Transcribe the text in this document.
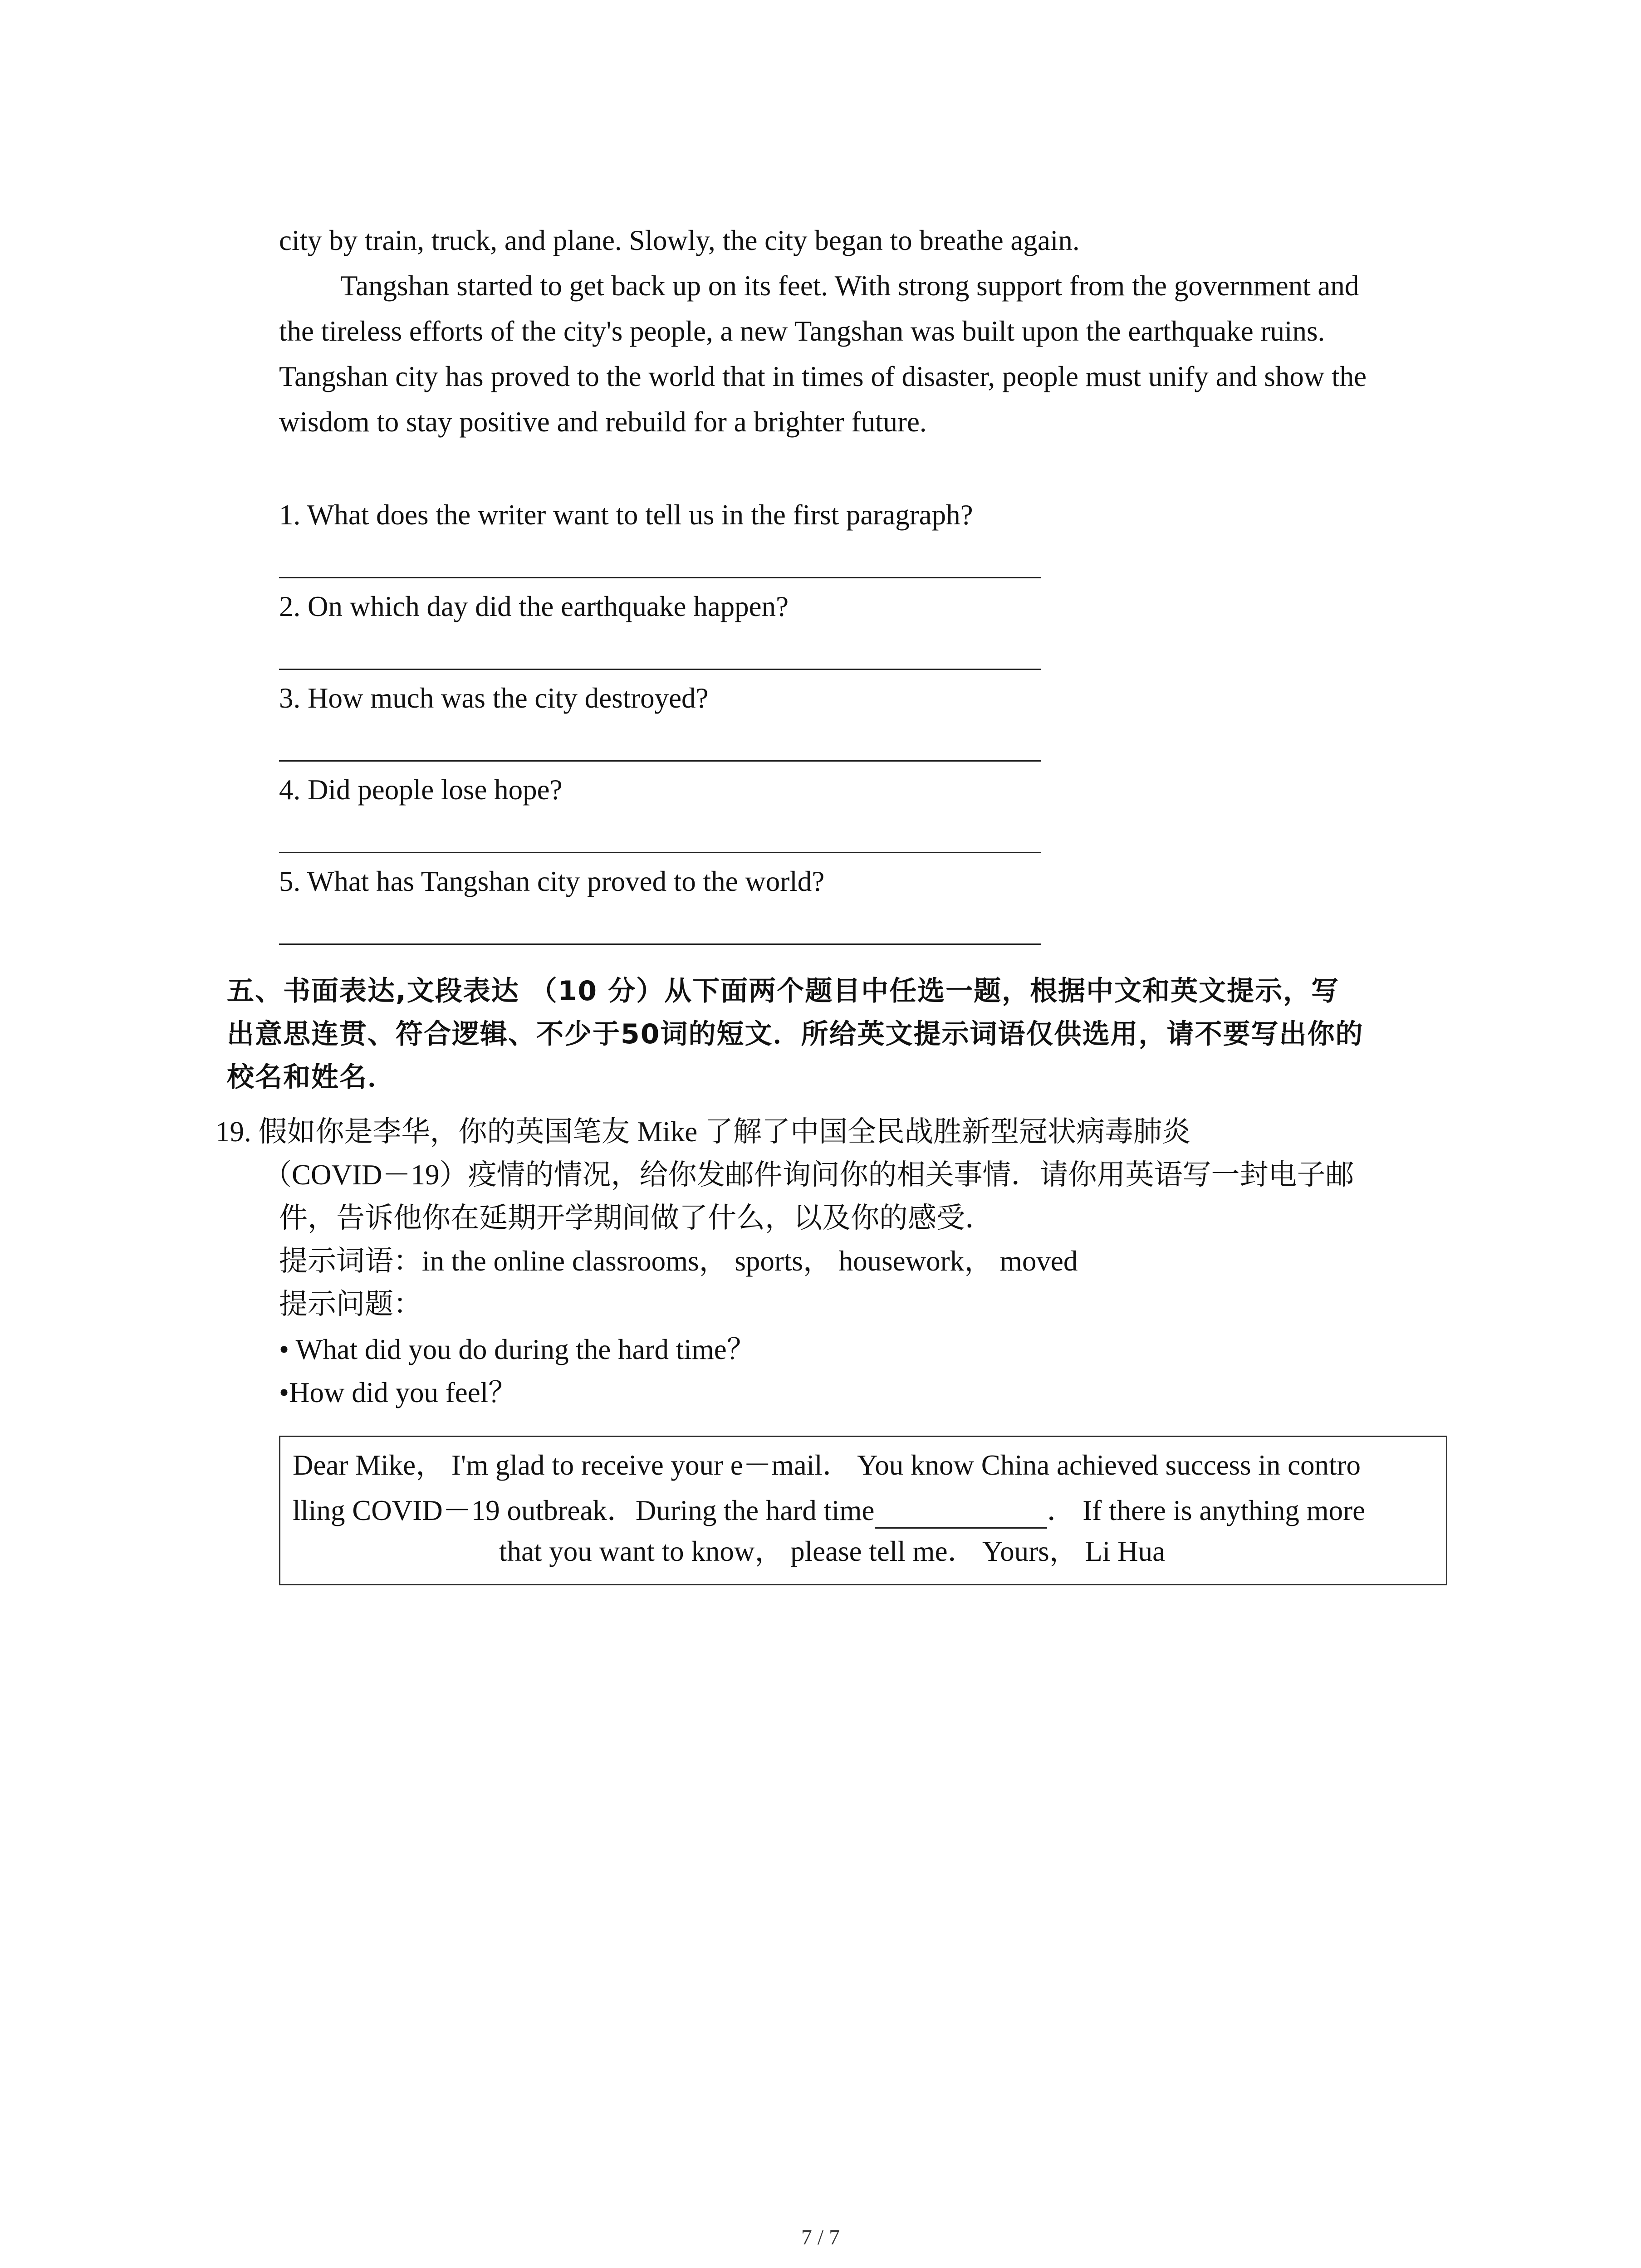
city by train, truck, and plane. Slowly, the city began to breathe again.
Tangshan started to get back up on its feet. With strong support from the government and
the tireless efforts of the city's people, a new Tangshan was built upon the earthquake ruins.
Tangshan city has proved to the world that in times of disaster, people must unify and show the
wisdom to stay positive and rebuild for a brighter future.
1. What does the writer want to tell us in the first paragraph?
2. On which day did the earthquake happen?
3. How much was the city destroyed?
4. Did people lose hope?
5. What has Tangshan city proved to the world?
五、书面表达,文段表达 （10 分）从下面两个题目中任选一题，根据中文和英文提示，写
出意思连贯、符合逻辑、不少于50词的短文．所给英文提示词语仅供选用，请不要写出你的
校名和姓名．
19. 假如你是李华，你的英国笔友 Mike 了解了中国全民战胜新型冠状病毒肺炎
（COVID－19）疫情的情况，给你发邮件询问你的相关事情．请你用英语写一封电子邮
件，告诉他你在延期开学期间做了什么，以及你的感受．
提示词语：in the online classrooms， sports， housework， moved
提示问题：
• What did you do during the hard time？
•How did you feel？
Dear Mike， I'm glad to receive your e－mail． You know China achieved success in contro
lling COVID－19 outbreak．During the hard time	． If there is anything more
that you want to know， please tell me． Yours， Li Hua
7 / 7
